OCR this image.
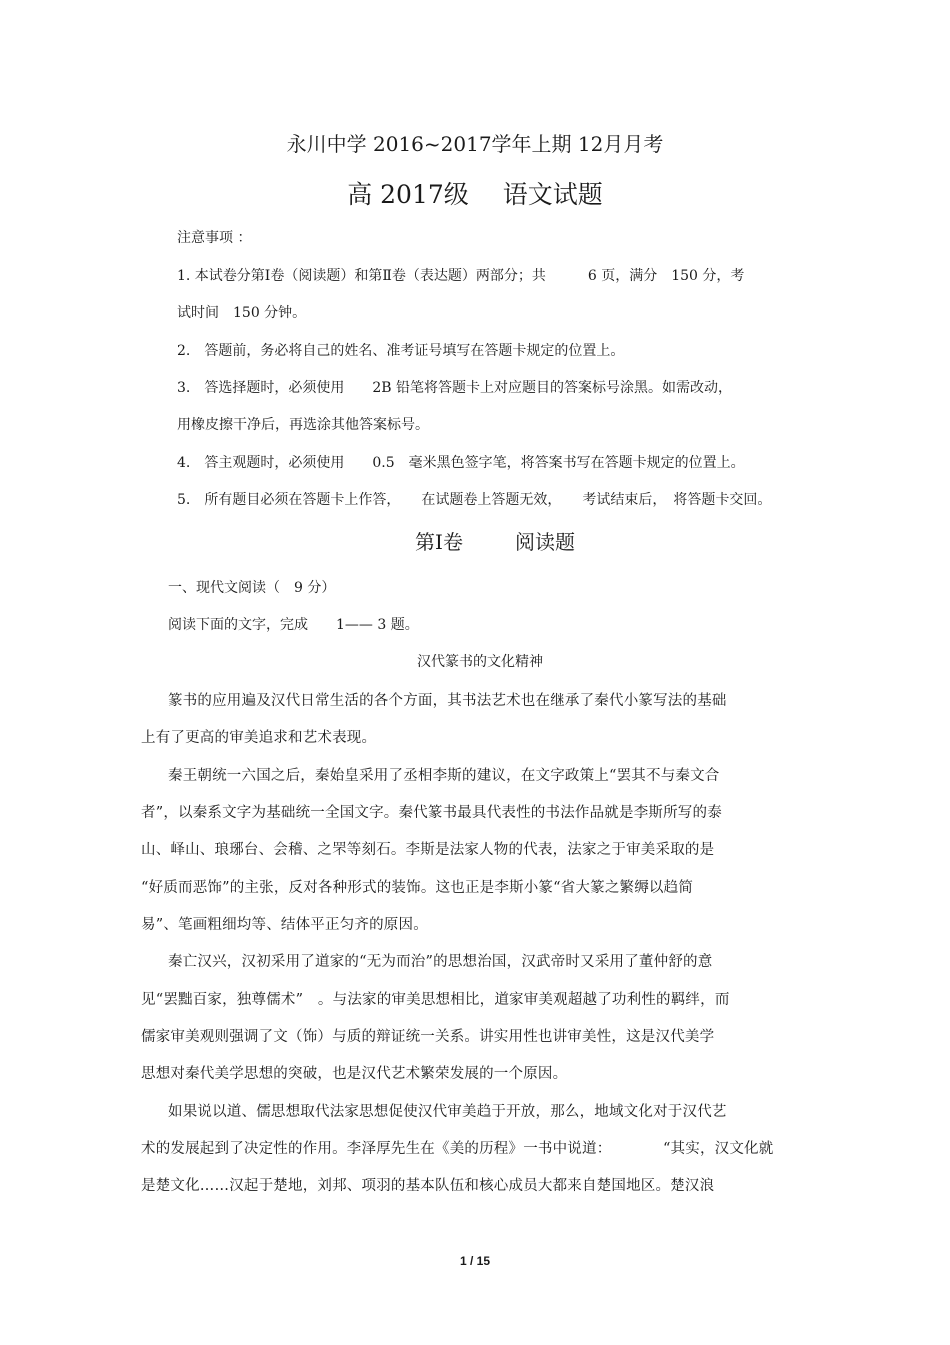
永川中学 2016~2017学年上期 12月月考
高 2017级 语文试题
注意事项 ：
1. 本试卷分第Ⅰ卷（阅读题）和第Ⅱ卷（表达题）两部分；共　　　6 页，满分　150 分，考
试时间　150 分钟。
2.　答题前，务必将自己的姓名、准考证号填写在答题卡规定的位置上。
3.　答选择题时，必须使用　　2B 铅笔将答题卡上对应题目的答案标号涂黑。如需改动，
用橡皮擦干净后，再选涂其他答案标号。
4.　答主观题时，必须使用　　0.5　毫米黑色签字笔，将答案书写在答题卡规定的位置上。
5.　所有题目必须在答题卡上作答，　　在试题卷上答题无效，　　考试结束后，　将答题卡交回。
第Ⅰ卷	阅读题
一、现代文阅读（　9 分）
阅读下面的文字，完成　　1—— 3 题。
汉代篆书的文化精神
篆书的应用遍及汉代日常生活的各个方面，其书法艺术也在继承了秦代小篆写法的基础
上有了更高的审美追求和艺术表现。
秦王朝统一六国之后，秦始皇采用了丞相李斯的建议，在文字政策上“罢其不与秦文合
者”，以秦系文字为基础统一全国文字。秦代篆书最具代表性的书法作品就是李斯所写的泰
山、峄山、琅琊台、会稽、之罘等刻石。李斯是法家人物的代表，法家之于审美采取的是
“好质而恶饰”的主张，反对各种形式的装饰。这也正是李斯小篆“省大篆之繁缛以趋简
易”、笔画粗细均等、结体平正匀齐的原因。
秦亡汉兴，汉初采用了道家的“无为而治”的思想治国，汉武帝时又采用了董仲舒的意
见“罢黜百家，独尊儒术”　。与法家的审美思想相比，道家审美观超越了功利性的羁绊，而
儒家审美观则强调了文（饰）与质的辩证统一关系。讲实用性也讲审美性，这是汉代美学
思想对秦代美学思想的突破，也是汉代艺术繁荣发展的一个原因。
如果说以道、儒思想取代法家思想促使汉代审美趋于开放，那么，地域文化对于汉代艺
术的发展起到了决定性的作用。李泽厚先生在《美的历程》一书中说道：　　　　“其实，汉文化就
是楚文化……汉起于楚地，刘邦、项羽的基本队伍和核心成员大都来自楚国地区。楚汉浪
1 / 15
